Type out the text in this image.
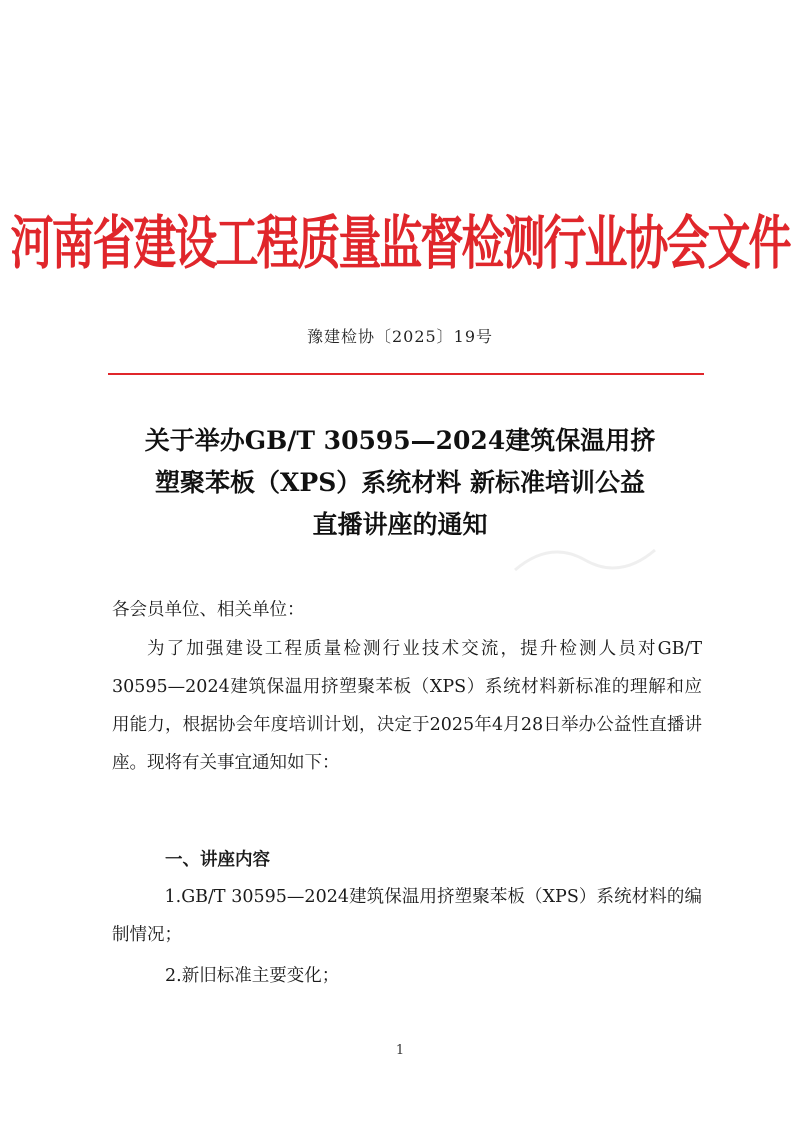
河南省建设工程质量监督检测行业协会文件
豫建检协〔2025〕19号
关于举办GB/T 30595—2024建筑保温用挤
塑聚苯板（XPS）系统材料 新标准培训公益
直播讲座的通知
各会员单位、相关单位：
为了加强建设工程质量检测行业技术交流，提升检测人员对GB/T 30595—2024建筑保温用挤塑聚苯板（XPS）系统材料新标准的理解和应用能力，根据协会年度培训计划，决定于2025年4月28日举办公益性直播讲座。现将有关事宜通知如下：
一、讲座内容
1.GB/T 30595—2024建筑保温用挤塑聚苯板（XPS）系统材料的编制情况；
2.新旧标准主要变化；
1
